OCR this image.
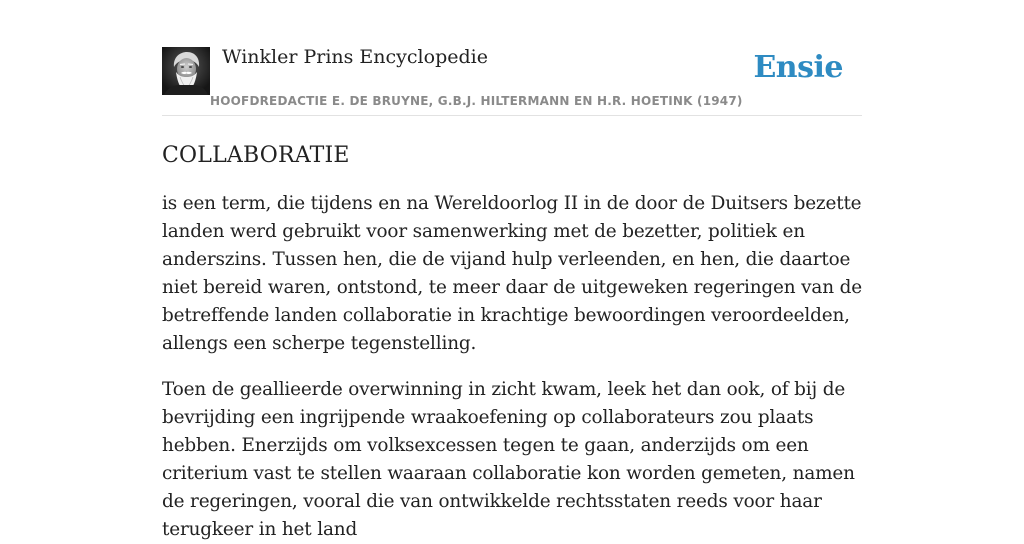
Winkler Prins Encyclopedie	Ensie
HOOFDREDACTIE E. DE BRUYNE, G.B.J. HILTERMANN EN H.R. HOETINK (1947)
COLLABORATIE

is een term, die tijdens en na Wereldoorlog II in de door de Duitsers bezette landen werd gebruikt voor samenwerking met de bezetter, politiek en anderszins. Tussen hen, die de vijand hulp verleenden, en hen, die daartoe niet bereid waren, ontstond, te meer daar de uitgeweken regeringen van de betreffende landen collaboratie in krachtige bewoordingen veroordeelden, allengs een scherpe tegenstelling.

Toen de geallieerde overwinning in zicht kwam, leek het dan ook, of bij de bevrijding een ingrijpende wraakoefening op collaborateurs zou plaats hebben. Enerzijds om volksexcessen tegen te gaan, anderzijds om een criterium vast te stellen waaraan collaboratie kon worden gemeten, namen de regeringen, vooral die van ontwikkelde rechtsstaten reeds voor haar terugkeer in het land
